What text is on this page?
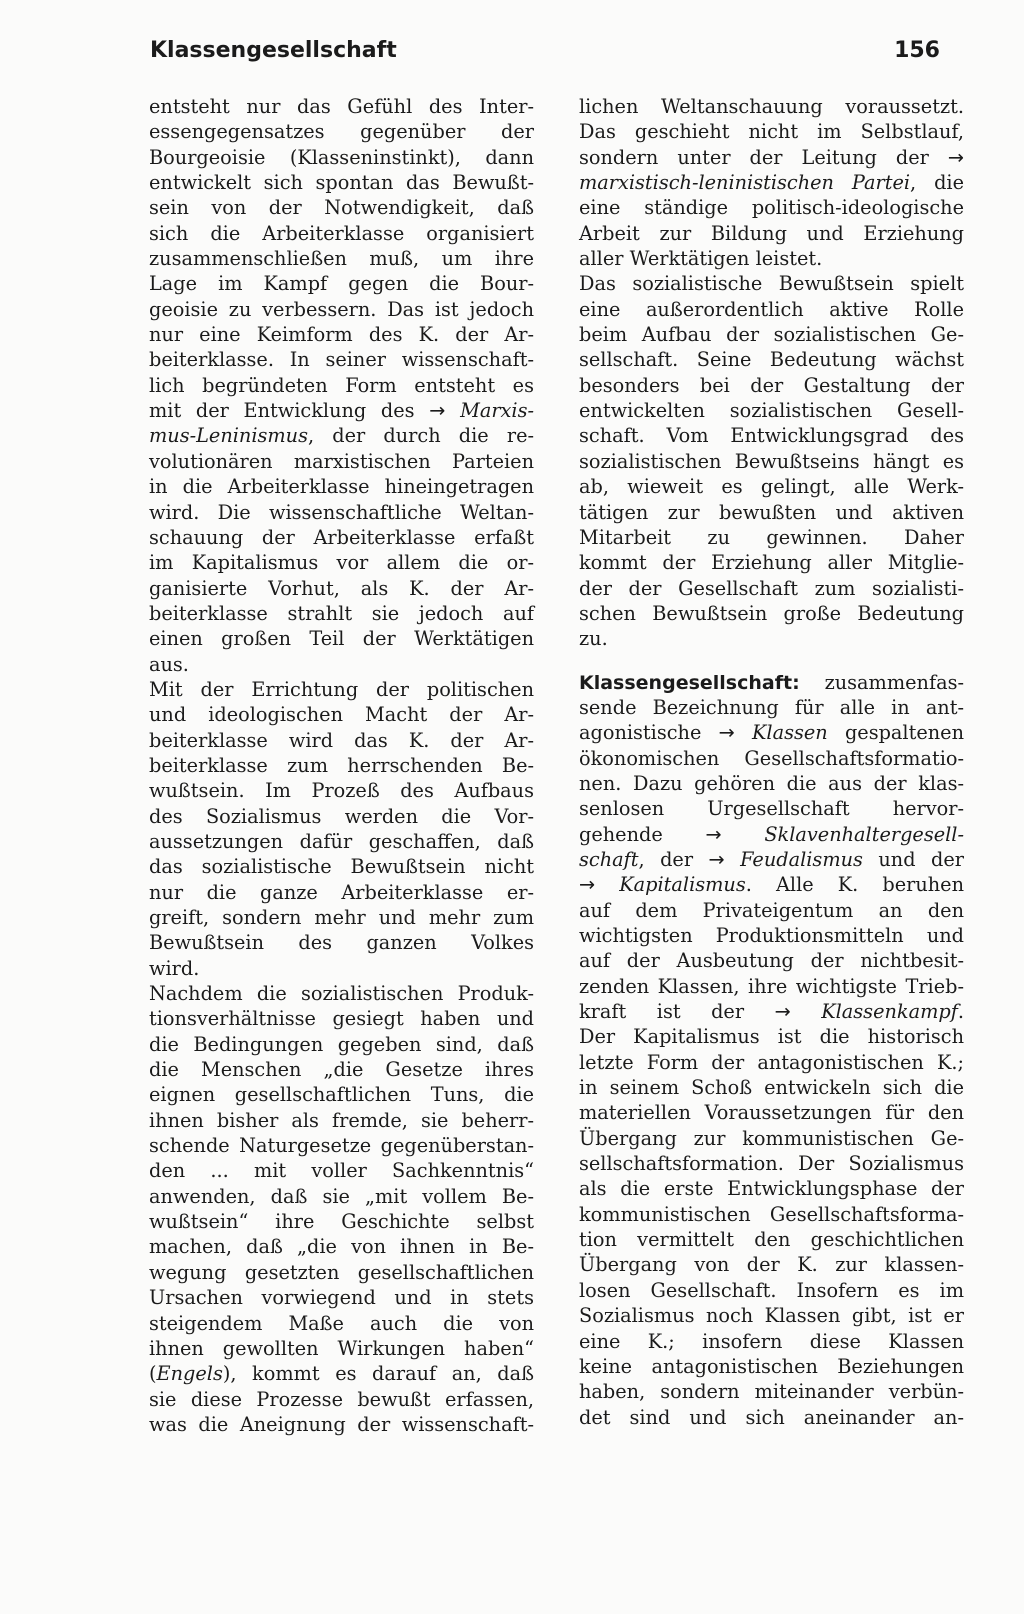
Klassengesellschaft	156
entsteht nur das Gefühl des Inter-
essengegensatzes gegenüber der
Bourgeoisie (Klasseninstinkt), dann
entwickelt sich spontan das Bewußt-
sein von der Notwendigkeit, daß
sich die Arbeiterklasse organisiert
zusammenschließen muß, um ihre
Lage im Kampf gegen die Bour-
geoisie zu verbessern. Das ist jedoch
nur eine Keimform des K. der Ar-
beiterklasse. In seiner wissenschaft-
lich begründeten Form entsteht es
mit der Entwicklung des → Marxis-
mus-Leninismus, der durch die re-
volutionären marxistischen Parteien
in die Arbeiterklasse hineingetragen
wird. Die wissenschaftliche Weltan-
schauung der Arbeiterklasse erfaßt
im Kapitalismus vor allem die or-
ganisierte Vorhut, als K. der Ar-
beiterklasse strahlt sie jedoch auf
einen großen Teil der Werktätigen
aus.
Mit der Errichtung der politischen
und ideologischen Macht der Ar-
beiterklasse wird das K. der Ar-
beiterklasse zum herrschenden Be-
wußtsein. Im Prozeß des Aufbaus
des Sozialismus werden die Vor-
aussetzungen dafür geschaffen, daß
das sozialistische Bewußtsein nicht
nur die ganze Arbeiterklasse er-
greift, sondern mehr und mehr zum
Bewußtsein des ganzen Volkes
wird.
Nachdem die sozialistischen Produk-
tionsverhältnisse gesiegt haben und
die Bedingungen gegeben sind, daß
die Menschen „die Gesetze ihres
eignen gesellschaftlichen Tuns, die
ihnen bisher als fremde, sie beherr-
schende Naturgesetze gegenüberstan-
den ... mit voller Sachkenntnis“
anwenden, daß sie „mit vollem Be-
wußtsein“ ihre Geschichte selbst
machen, daß „die von ihnen in Be-
wegung gesetzten gesellschaftlichen
Ursachen vorwiegend und in stets
steigendem Maße auch die von
ihnen gewollten Wirkungen haben“
(Engels), kommt es darauf an, daß
sie diese Prozesse bewußt erfassen,
was die Aneignung der wissenschaft-
lichen Weltanschauung voraussetzt.
Das geschieht nicht im Selbstlauf,
sondern unter der Leitung der →
marxistisch-leninistischen Partei, die
eine ständige politisch-ideologische
Arbeit zur Bildung und Erziehung
aller Werktätigen leistet.
Das sozialistische Bewußtsein spielt
eine außerordentlich aktive Rolle
beim Aufbau der sozialistischen Ge-
sellschaft. Seine Bedeutung wächst
besonders bei der Gestaltung der
entwickelten sozialistischen Gesell-
schaft. Vom Entwicklungsgrad des
sozialistischen Bewußtseins hängt es
ab, wieweit es gelingt, alle Werk-
tätigen zur bewußten und aktiven
Mitarbeit zu gewinnen. Daher
kommt der Erziehung aller Mitglie-
der der Gesellschaft zum sozialisti-
schen Bewußtsein große Bedeutung
zu.
Klassengesellschaft: zusammenfas-
sende Bezeichnung für alle in ant-
agonistische → Klassen gespaltenen
ökonomischen Gesellschaftsformatio-
nen. Dazu gehören die aus der klas-
senlosen Urgesellschaft hervor-
gehende → Sklavenhaltergesell-
schaft, der → Feudalismus und der
→ Kapitalismus. Alle K. beruhen
auf dem Privateigentum an den
wichtigsten Produktionsmitteln und
auf der Ausbeutung der nichtbesit-
zenden Klassen, ihre wichtigste Trieb-
kraft ist der → Klassenkampf.
Der Kapitalismus ist die historisch
letzte Form der antagonistischen K.;
in seinem Schoß entwickeln sich die
materiellen Voraussetzungen für den
Übergang zur kommunistischen Ge-
sellschaftsformation. Der Sozialismus
als die erste Entwicklungsphase der
kommunistischen Gesellschaftsforma-
tion vermittelt den geschichtlichen
Übergang von der K. zur klassen-
losen Gesellschaft. Insofern es im
Sozialismus noch Klassen gibt, ist er
eine K.; insofern diese Klassen
keine antagonistischen Beziehungen
haben, sondern miteinander verbün-
det sind und sich aneinander an-
